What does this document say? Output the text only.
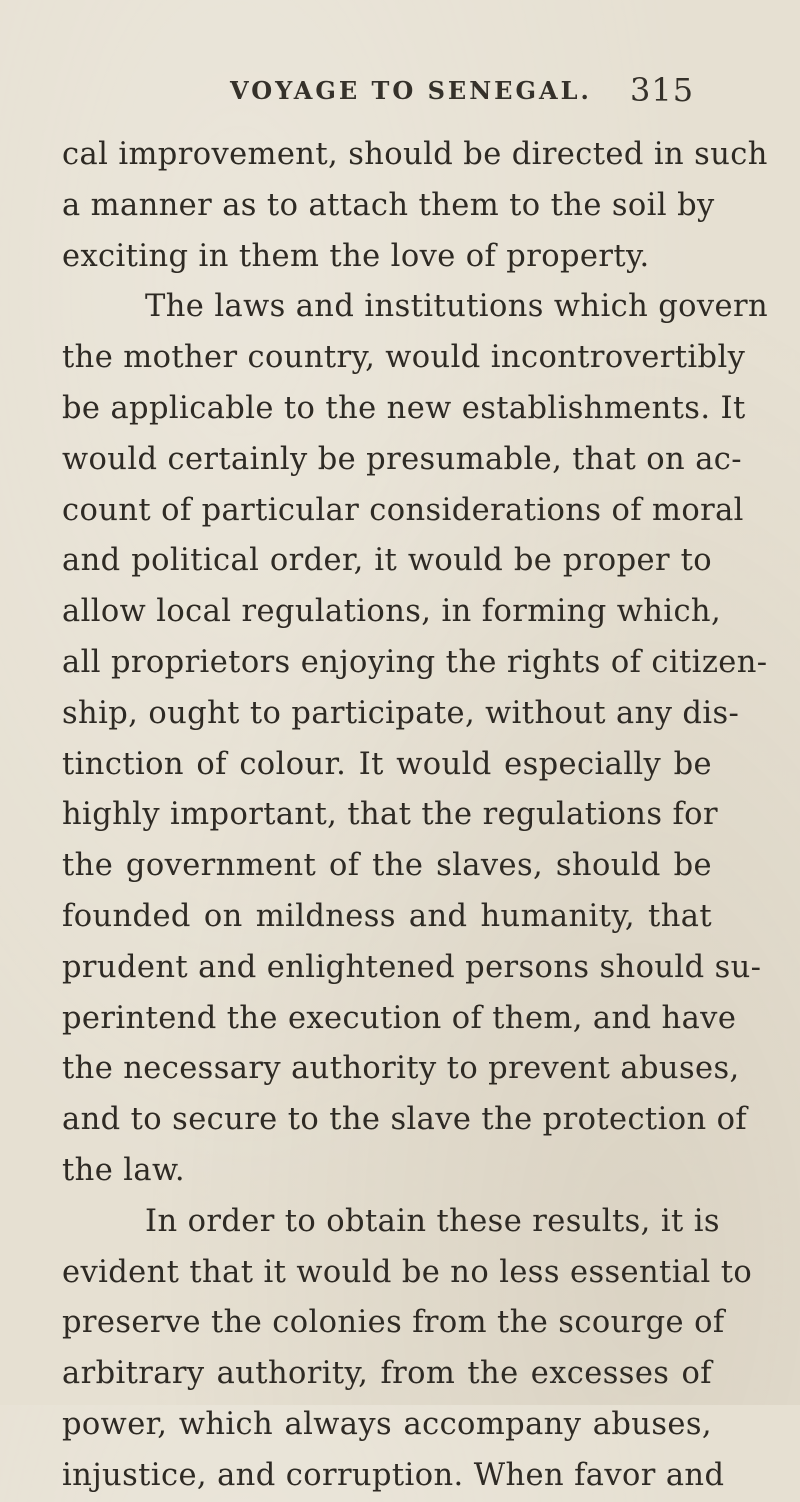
VOYAGE TO SENEGAL. 315
cal improvement, should be directed in such
a manner as to attach them to the soil by
exciting in them the love of property.
The laws and institutions which govern
the mother country, would incontrovertibly
be applicable to the new establishments. It
would certainly be presumable, that on ac-
count of particular considerations of moral
and political order, it would be proper to
allow local regulations, in forming which,
all proprietors enjoying the rights of citizen-
ship, ought to participate, without any dis-
tinction of colour. It would especially be
highly important, that the regulations for
the government of the slaves, should be
founded on mildness and humanity, that
prudent and enlightened persons should su-
perintend the execution of them, and have
the necessary authority to prevent abuses,
and to secure to the slave the protection of
the law.
In order to obtain these results, it is
evident that it would be no less essential to
preserve the colonies from the scourge of
arbitrary authority, from the excesses of
power, which always accompany abuses,
injustice, and corruption. When favor and
